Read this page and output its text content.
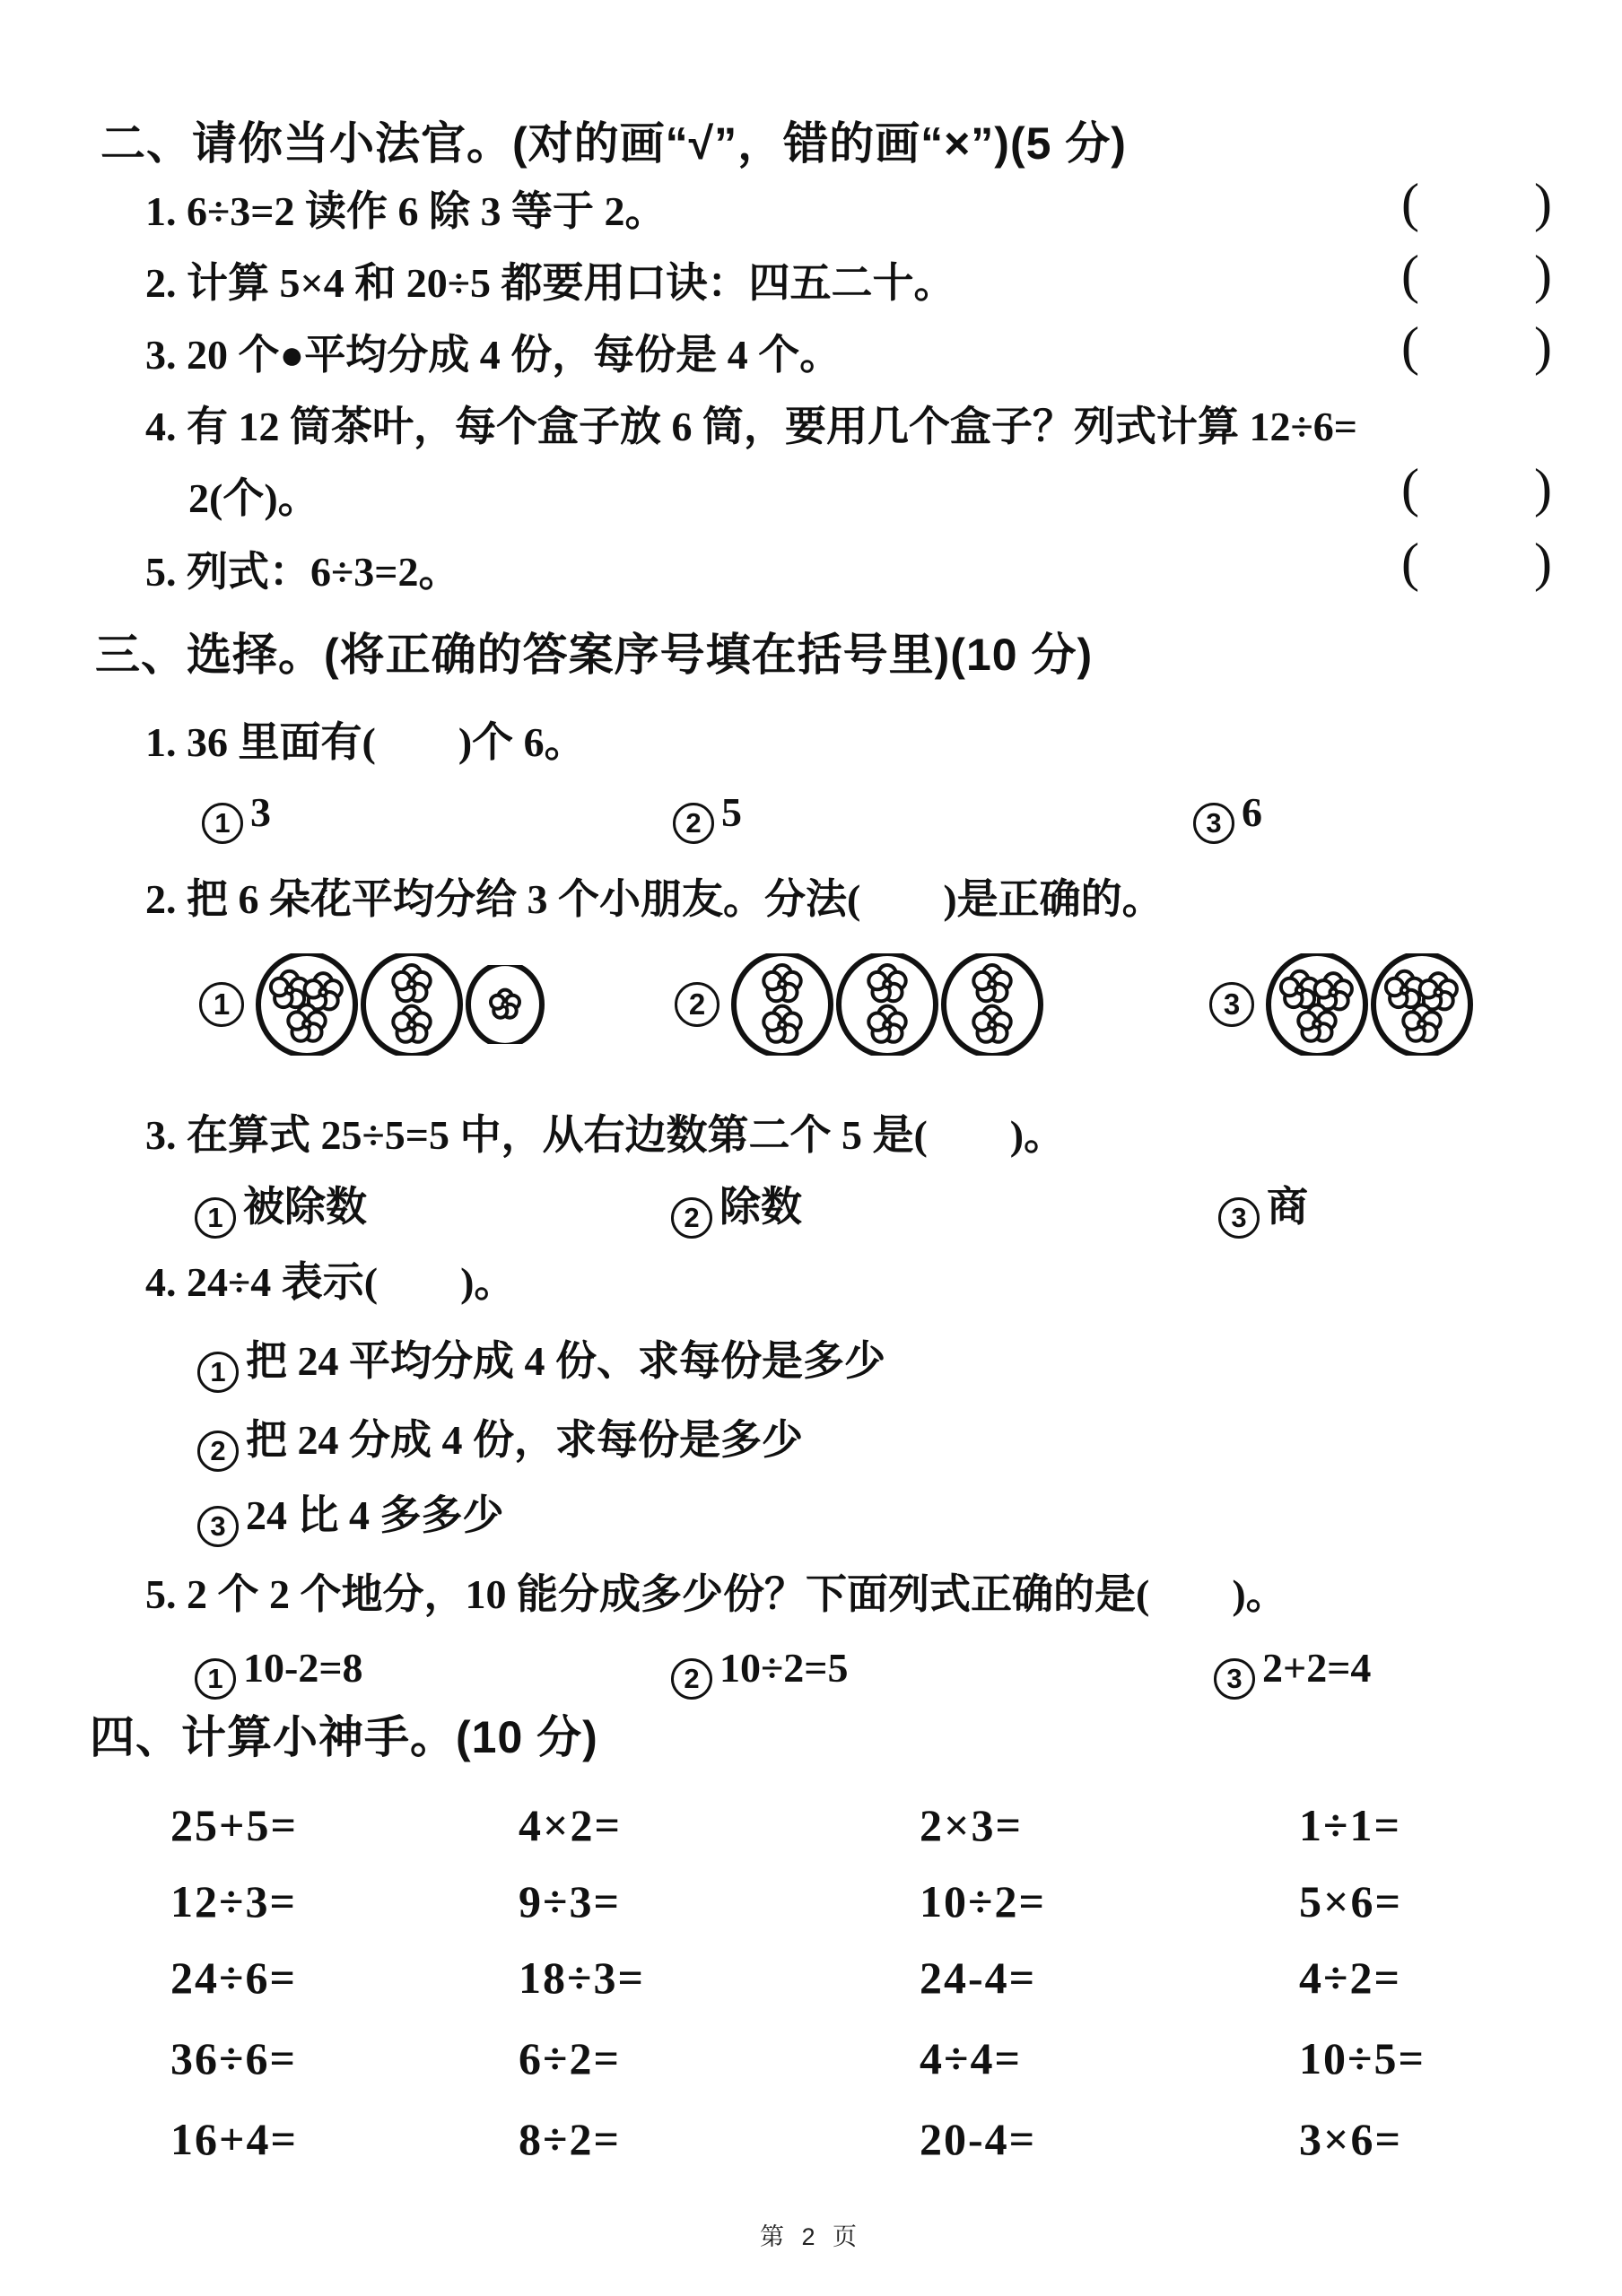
二、请你当小法官。(对的画“√”，错的画“×”)(5 分)
1. 6÷3=2 读作 6 除 3 等于 2。	( )
2. 计算 5×4 和 20÷5 都要用口诀：四五二十。	( )
3. 20 个●平均分成 4 份，每份是 4 个。	( )
4. 有 12 筒茶叶，每个盒子放 6 筒，要用几个盒子？列式计算 12÷6=
2(个)。	( )
5. 列式：6÷3=2。	( )
三、选择。(将正确的答案序号填在括号里)(10 分)
1. 36 里面有(　　)个 6。
1 3	2 5	3 6
2. 把 6 朵花平均分给 3 个小朋友。分法(　　)是正确的。
1	2	3
3. 在算式 25÷5=5 中，从右边数第二个 5 是(　　)。
1 被除数	2 除数	3 商
4. 24÷4 表示(　　)。
1 把 24 平均分成 4 份、求每份是多少
2 把 24 分成 4 份，求每份是多少
3 24 比 4 多多少
5. 2 个 2 个地分，10 能分成多少份？下面列式正确的是(　　)。
1 10-2=8	2 10÷2=5	3 2+2=4
四、计算小神手。(10 分)
25+5=	4×2=	2×3=	1÷1=
12÷3=	9÷3=	10÷2=	5×6=
24÷6=	18÷3=	24-4=	4÷2=
36÷6=	6÷2=	4÷4=	10÷5=
16+4=	8÷2=	20-4=	3×6=
第 2 页
